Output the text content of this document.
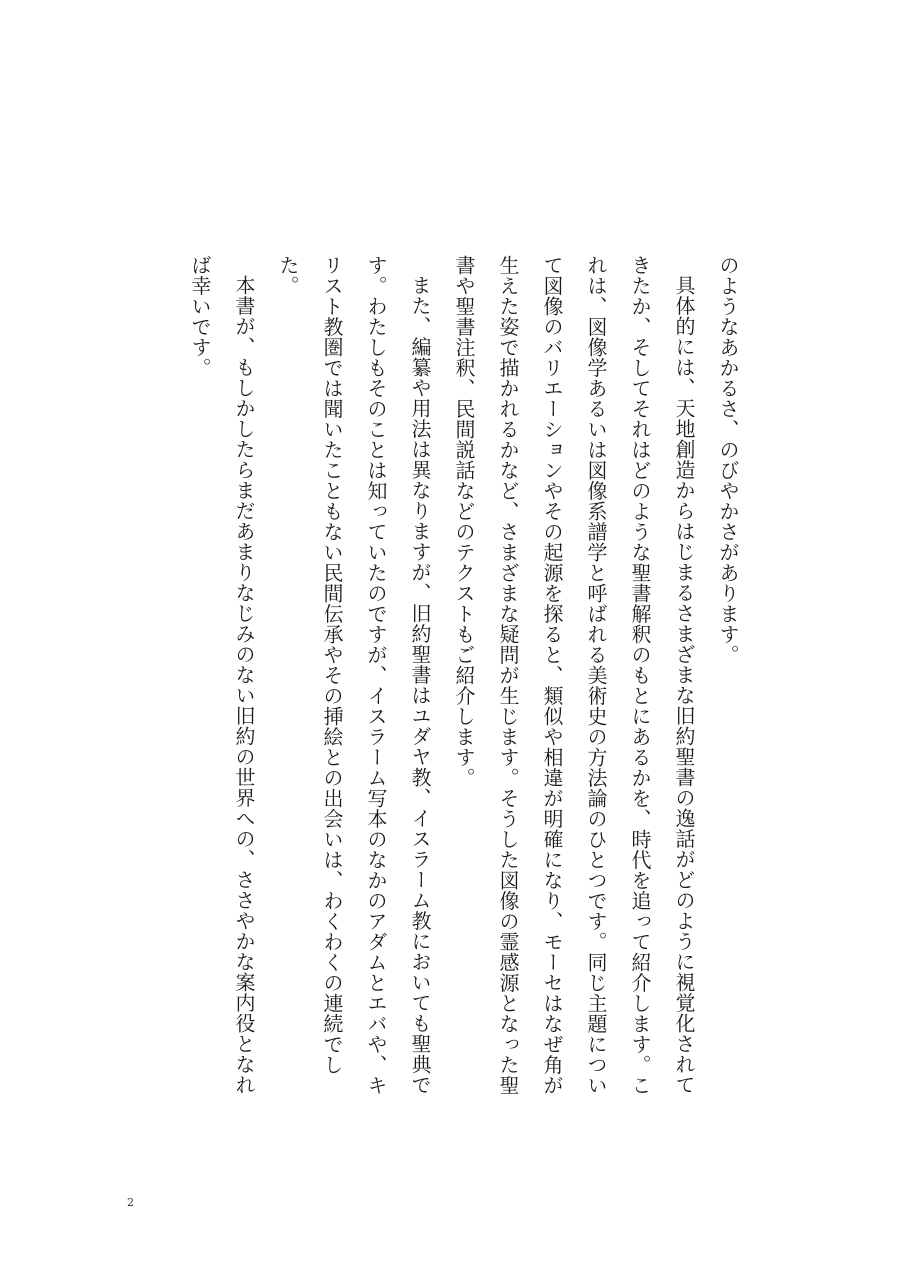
のようなあかるさ、のびやかさがあります。

具体的には、天地創造からはじまるさまざまな旧約聖書の逸話がどのように視覚化されてきたか、そしてそれはどのような聖書解釈のもとにあるかを、時代を追って紹介します。これは、図像学あるいは図像系譜学と呼ばれる美術史の方法論のひとつです。同じ主題について図像のバリエーションやその起源を探ると、類似や相違が明確になり、モーセはなぜ角が生えた姿で描かれるかなど、さまざまな疑問が生じます。そうした図像の霊感源となった聖書や聖書注釈、民間説話などのテクストもご紹介します。

また、編纂や用法は異なりますが、旧約聖書はユダヤ教、イスラーム教においても聖典です。わたしもそのことは知っていたのですが、イスラーム写本のなかのアダムとエバや、キリスト教圏では聞いたこともない民間伝承やその挿絵との出会いは、わくわくの連続でした。

本書が、もしかしたらまだあまりなじみのない旧約の世界への、ささやかな案内役となれば幸いです。

2
